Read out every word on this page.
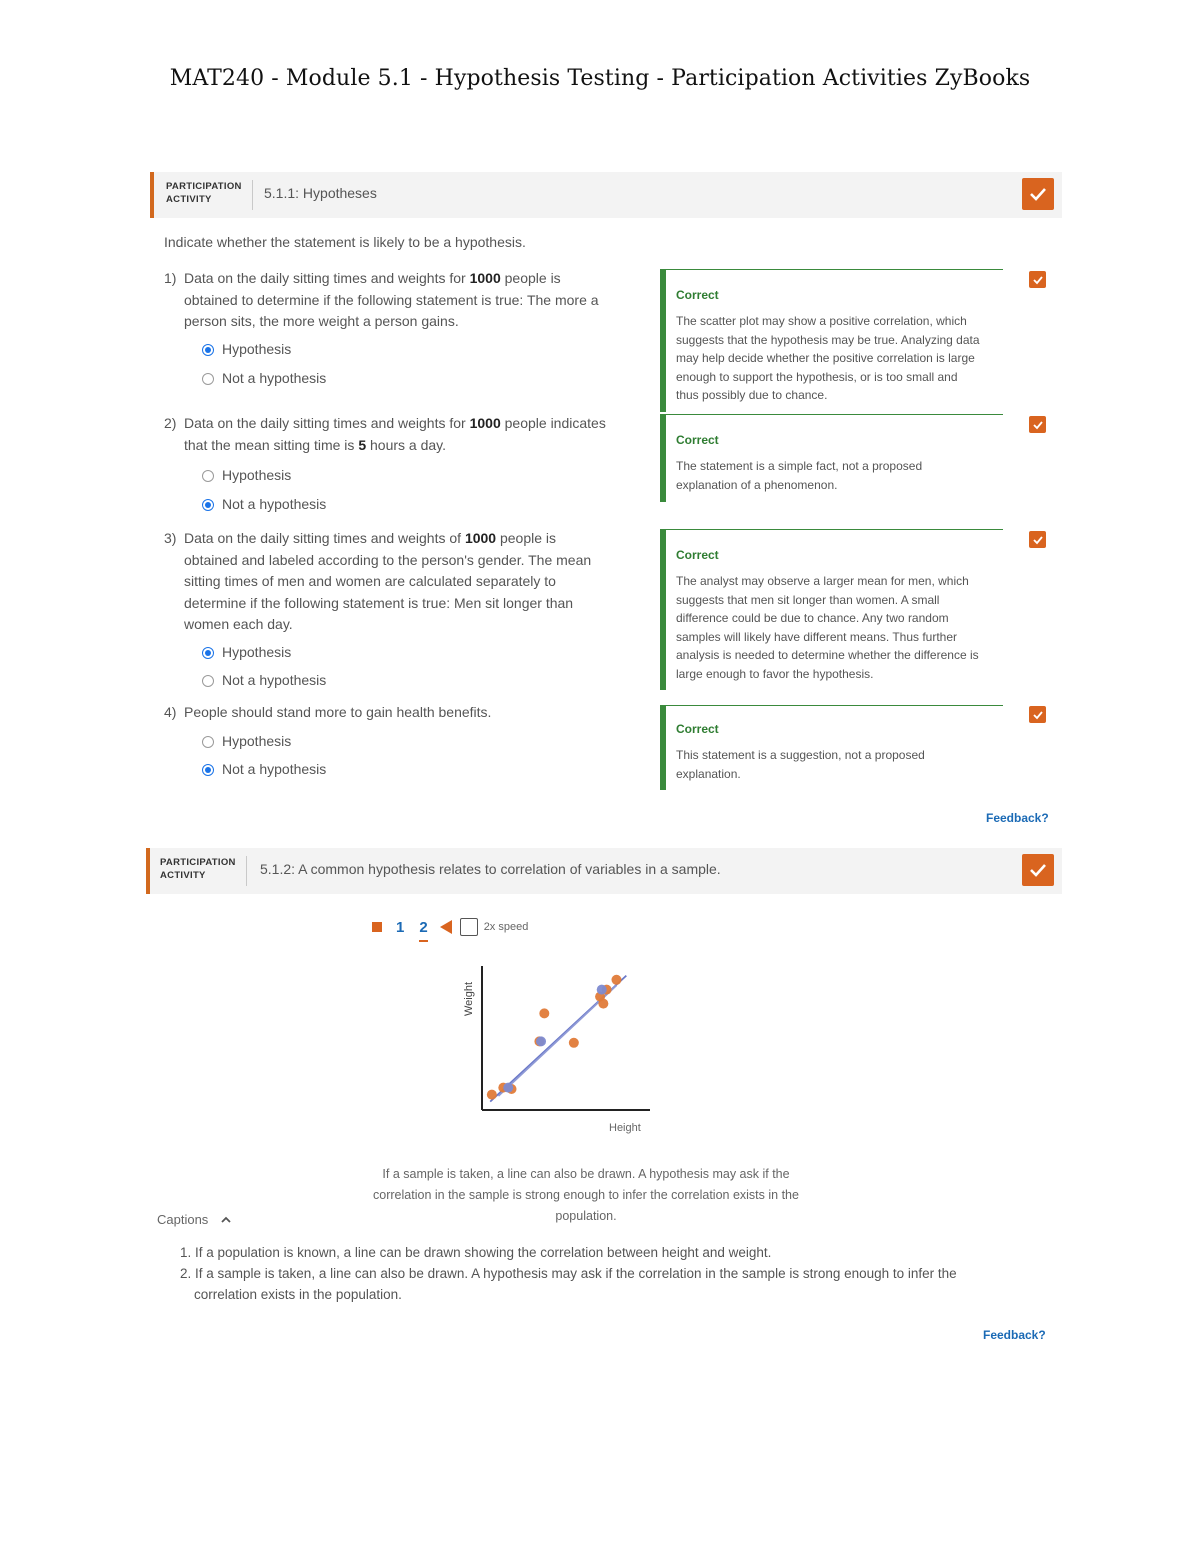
MAT240 - Module 5.1 - Hypothesis Testing - Participation Activities ZyBooks
PARTICIPATION
ACTIVITY	5.1.1: Hypotheses
Indicate whether the statement is likely to be a hypothesis.
1) Data on the daily sitting times and weights for 1000 people is
obtained to determine if the following statement is true: The more a
person sits, the more weight a person gains.
Hypothesis
Not a hypothesis
Correct
The scatter plot may show a positive correlation, which
suggests that the hypothesis may be true. Analyzing data
may help decide whether the positive correlation is large
enough to support the hypothesis, or is too small and
thus possibly due to chance.
2) Data on the daily sitting times and weights for 1000 people indicates
that the mean sitting time is 5 hours a day.
Hypothesis
Not a hypothesis
Correct
The statement is a simple fact, not a proposed
explanation of a phenomenon.
3) Data on the daily sitting times and weights of 1000 people is
obtained and labeled according to the person's gender. The mean
sitting times of men and women are calculated separately to
determine if the following statement is true: Men sit longer than
women each day.
Hypothesis
Not a hypothesis
Correct
The analyst may observe a larger mean for men, which
suggests that men sit longer than women. A small
difference could be due to chance. Any two random
samples will likely have different means. Thus further
analysis is needed to determine whether the difference is
large enough to favor the hypothesis.
4) People should stand more to gain health benefits.
Hypothesis
Not a hypothesis
Correct
This statement is a suggestion, not a proposed
explanation.
Feedback?
PARTICIPATION
ACTIVITY	5.1.2: A common hypothesis relates to correlation of variables in a sample.
1 2	2x speed
Height
Weight
If a sample is taken, a line can also be drawn. A hypothesis may ask if the
correlation in the sample is strong enough to infer the correlation exists in the
population.
Captions
1. If a population is known, a line can be drawn showing the correlation between height and weight.
2. If a sample is taken, a line can also be drawn. A hypothesis may ask if the correlation in the sample is strong enough to infer the
correlation exists in the population.
Feedback?
